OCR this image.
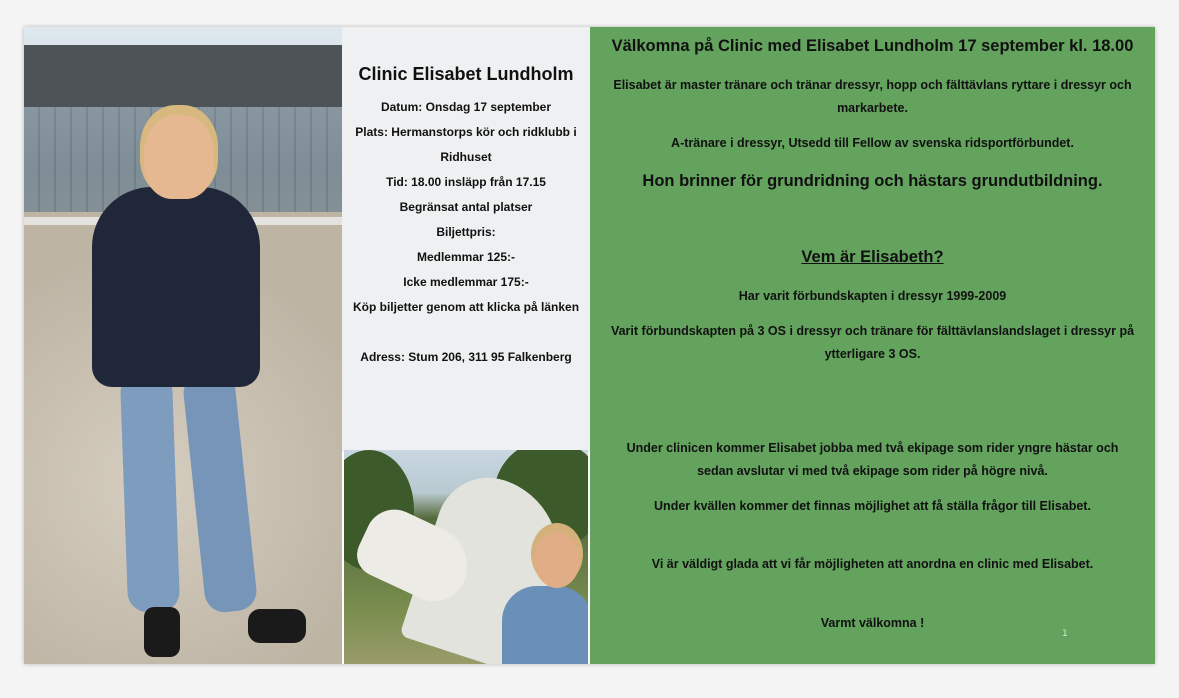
Clinic Elisabet Lundholm
Datum: Onsdag 17 september
Plats: Hermanstorps kör och ridklubb i Ridhuset
Tid: 18.00 insläpp från 17.15
Begränsat antal platser
Biljettpris:
Medlemmar 125:-
Icke medlemmar 175:-
Köp biljetter genom att klicka på länken
Adress: Stum 206, 311 95 Falkenberg
Välkomna på Clinic med Elisabet Lundholm 17 september kl. 18.00

Elisabet är master tränare och tränar dressyr, hopp och fälttävlans ryttare i dressyr och markarbete.

A-tränare i dressyr, Utsedd till Fellow av svenska ridsportförbundet.

Hon brinner för grundridning och hästars grundutbildning.

Vem är Elisabeth?

Har varit förbundskapten i dressyr 1999-2009

Varit förbundskapten på 3 OS i dressyr och tränare för fälttävlanslandslaget i dressyr på ytterligare 3 OS.

Under clinicen kommer Elisabet jobba med två ekipage som rider yngre hästar och sedan avslutar vi med två ekipage som rider på högre nivå.

Under kvällen kommer det finnas möjlighet att få ställa frågor till Elisabet.

Vi är väldigt glada att vi får möjligheten att anordna en clinic med Elisabet.

Varmt välkomna !

1
